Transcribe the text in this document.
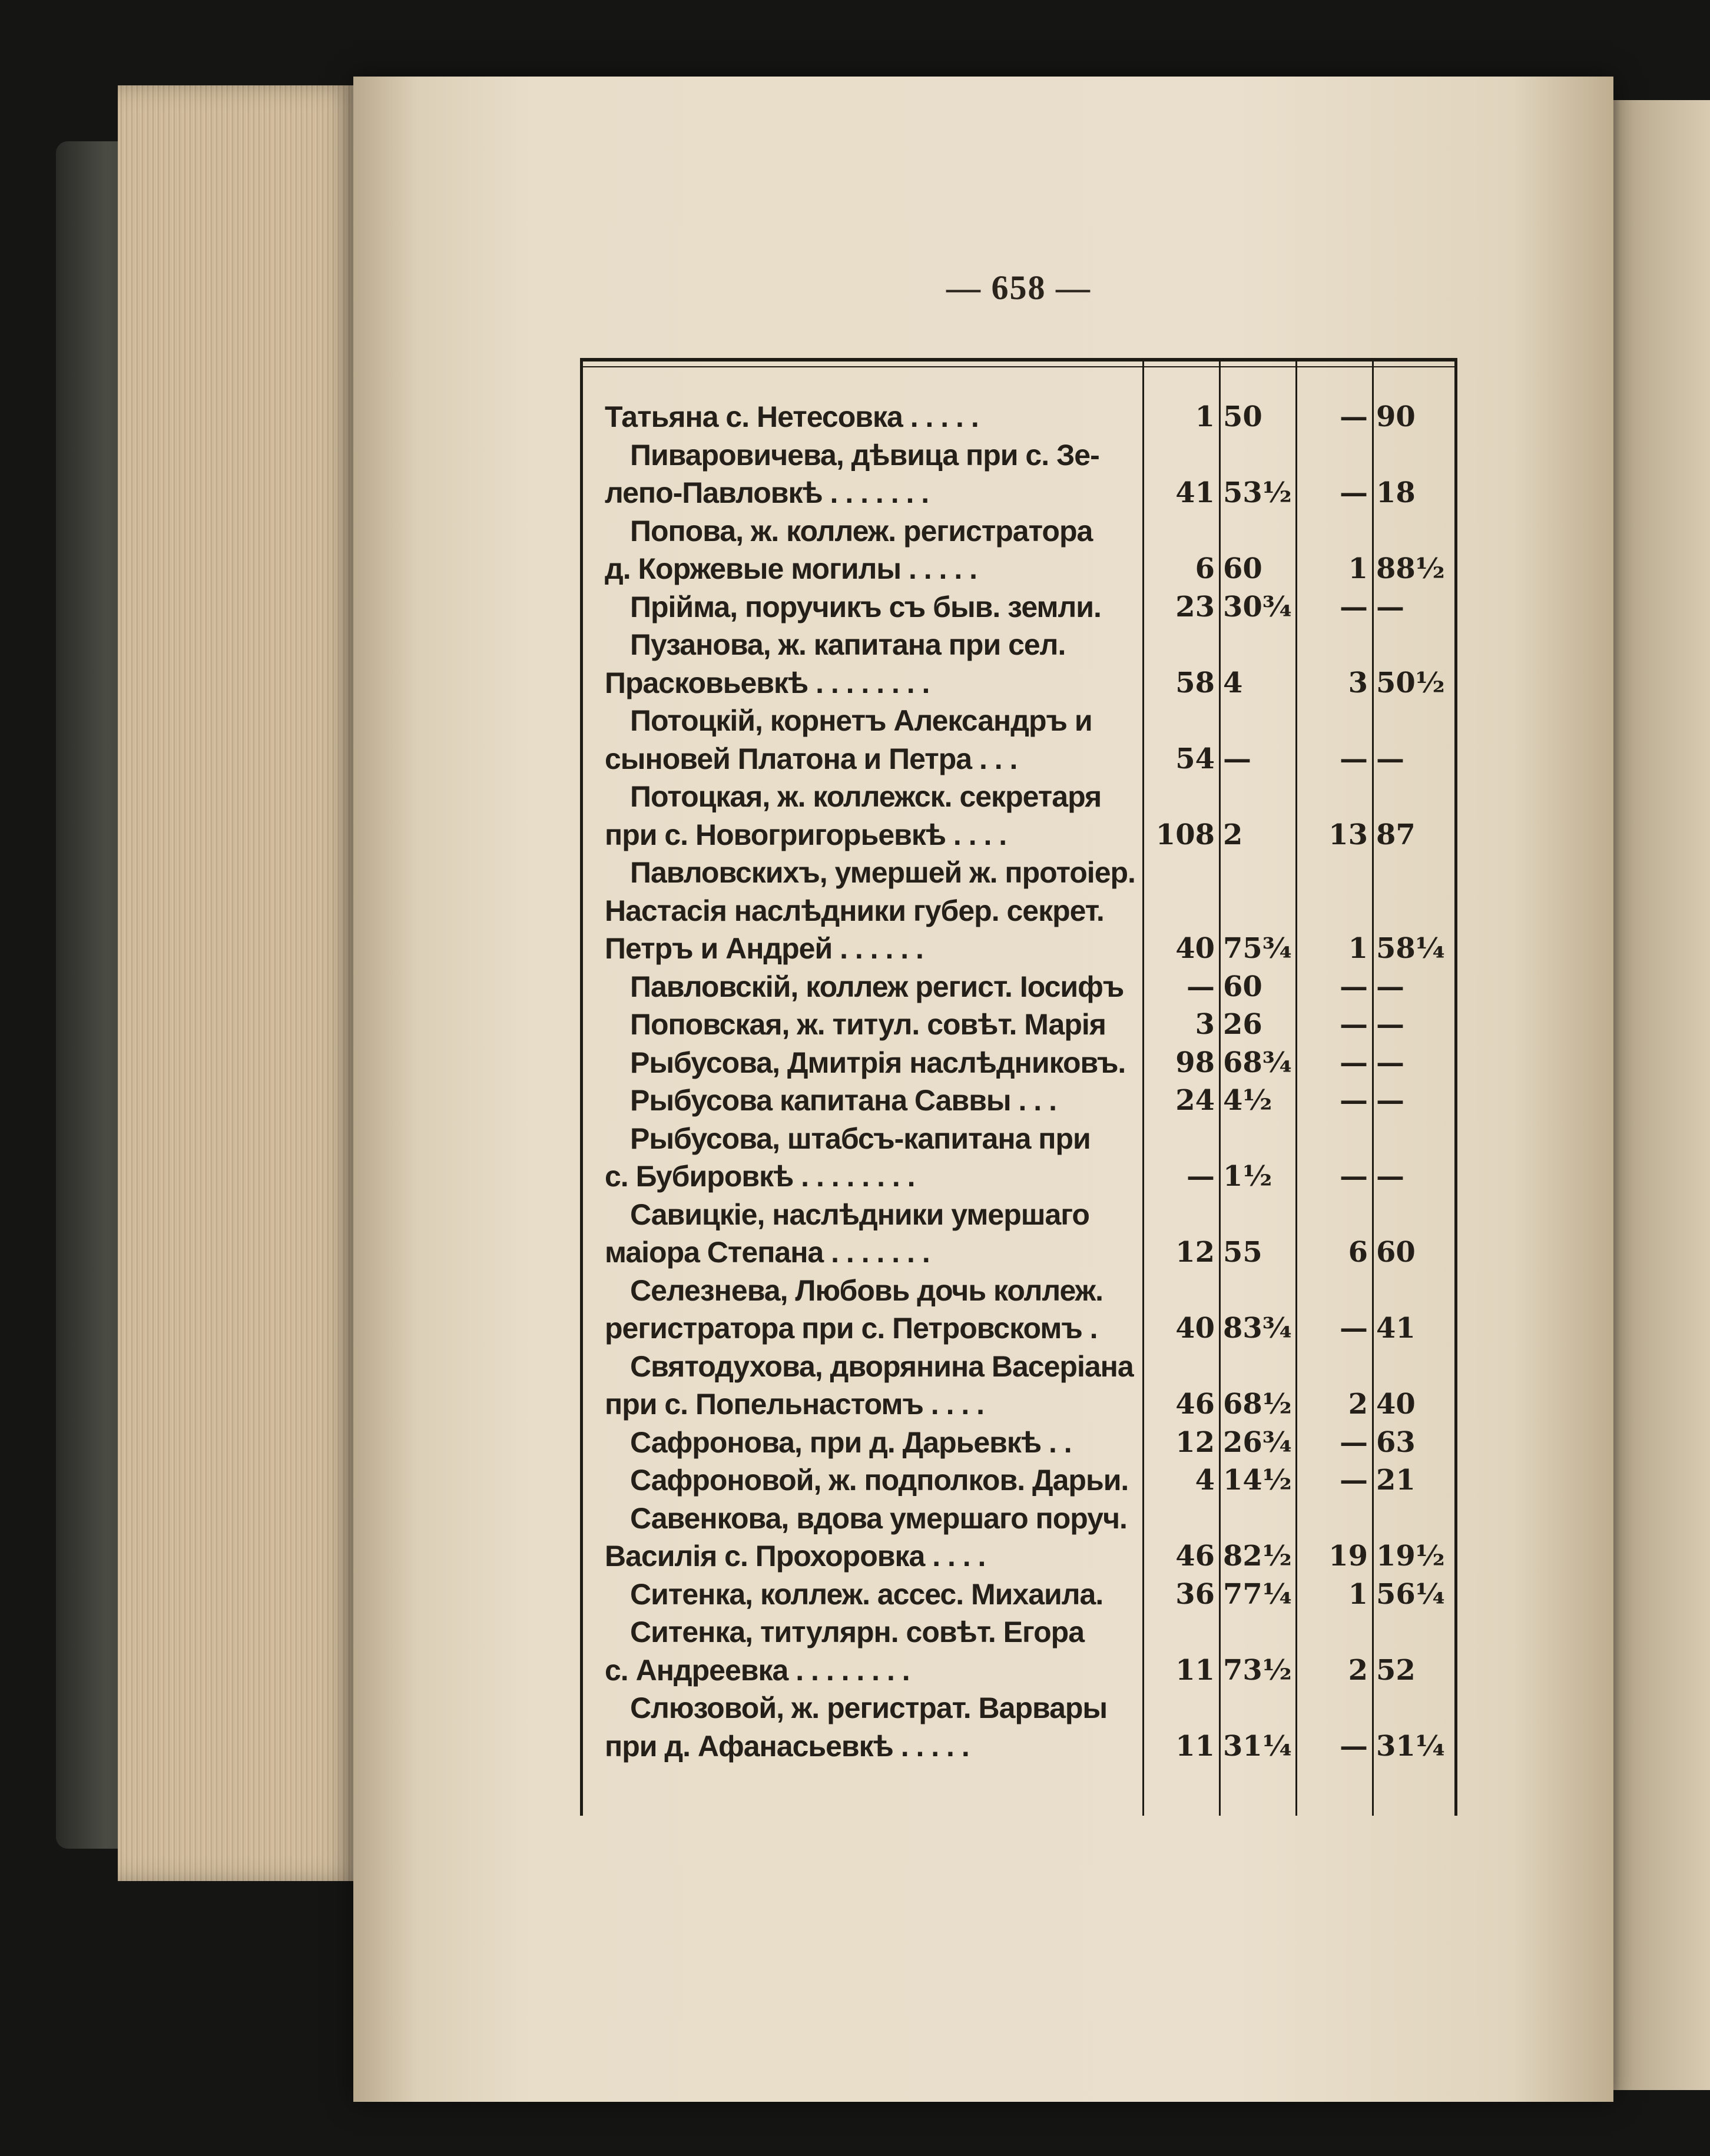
— 658 —
Татьяна с. Нетесовка . . . . .	1 50	— 90
Пиваровичева, дѣвица при с. Зе-
лепо-Павловкѣ . . . . . . .	41 53½	— 18
Попова, ж. коллеж. регистратора
д. Коржевые могилы . . . . .	6 60	1 88½
Прійма, поручикъ съ быв. земли.	23 30¾	— —
Пузанова, ж. капитана при сел.
Прасковьевкѣ . . . . . . . .	58 4	3 50½
Потоцкій, корнетъ Александръ и
сыновей Платона и Петра . . .	54 —	— —
Потоцкая, ж. коллежск. секретаря
при с. Новогригорьевкѣ . . . .	108 2	13 87
Павловскихъ, умершей ж. протоіер.
Настасія наслѣдники губер. секрет.
Петръ и Андрей . . . . . .	40 75¾	1 58¼
Павловскій, коллеж регист. Іосифъ	— 60	— —
Поповская, ж. титул. совѣт. Марія	3 26	— —
Рыбусова, Дмитрія наслѣдниковъ.	98 68¾	— —
Рыбусова капитана Саввы . . .	24 4½	— —
Рыбусова, штабсъ-капитана при
с. Бубировкѣ . . . . . . . .	— 1½	— —
Савицкіе, наслѣдники умершаго
маіора Степана . . . . . . .	12 55	6 60
Селезнева, Любовь дочь коллеж.
регистратора при с. Петровскомъ .	40 83¾	— 41
Святодухова, дворянина Васеріана
при с. Попельнастомъ . . . .	46 68½	2 40
Сафронова, при д. Дарьевкѣ . .	12 26¾	— 63
Сафроновой, ж. подполков. Дарьи.	4 14½	— 21
Савенкова, вдова умершаго поруч.
Василія с. Прохоровка . . . .	46 82½	19 19½
Ситенка, коллеж. ассес. Михаила.	36 77¼	1 56¼
Ситенка, титулярн. совѣт. Егора
с. Андреевка . . . . . . . .	11 73½	2 52
Слюзовой, ж. регистрат. Варвары
при д. Афанасьевкѣ . . . . .	11 31¼	— 31¼
